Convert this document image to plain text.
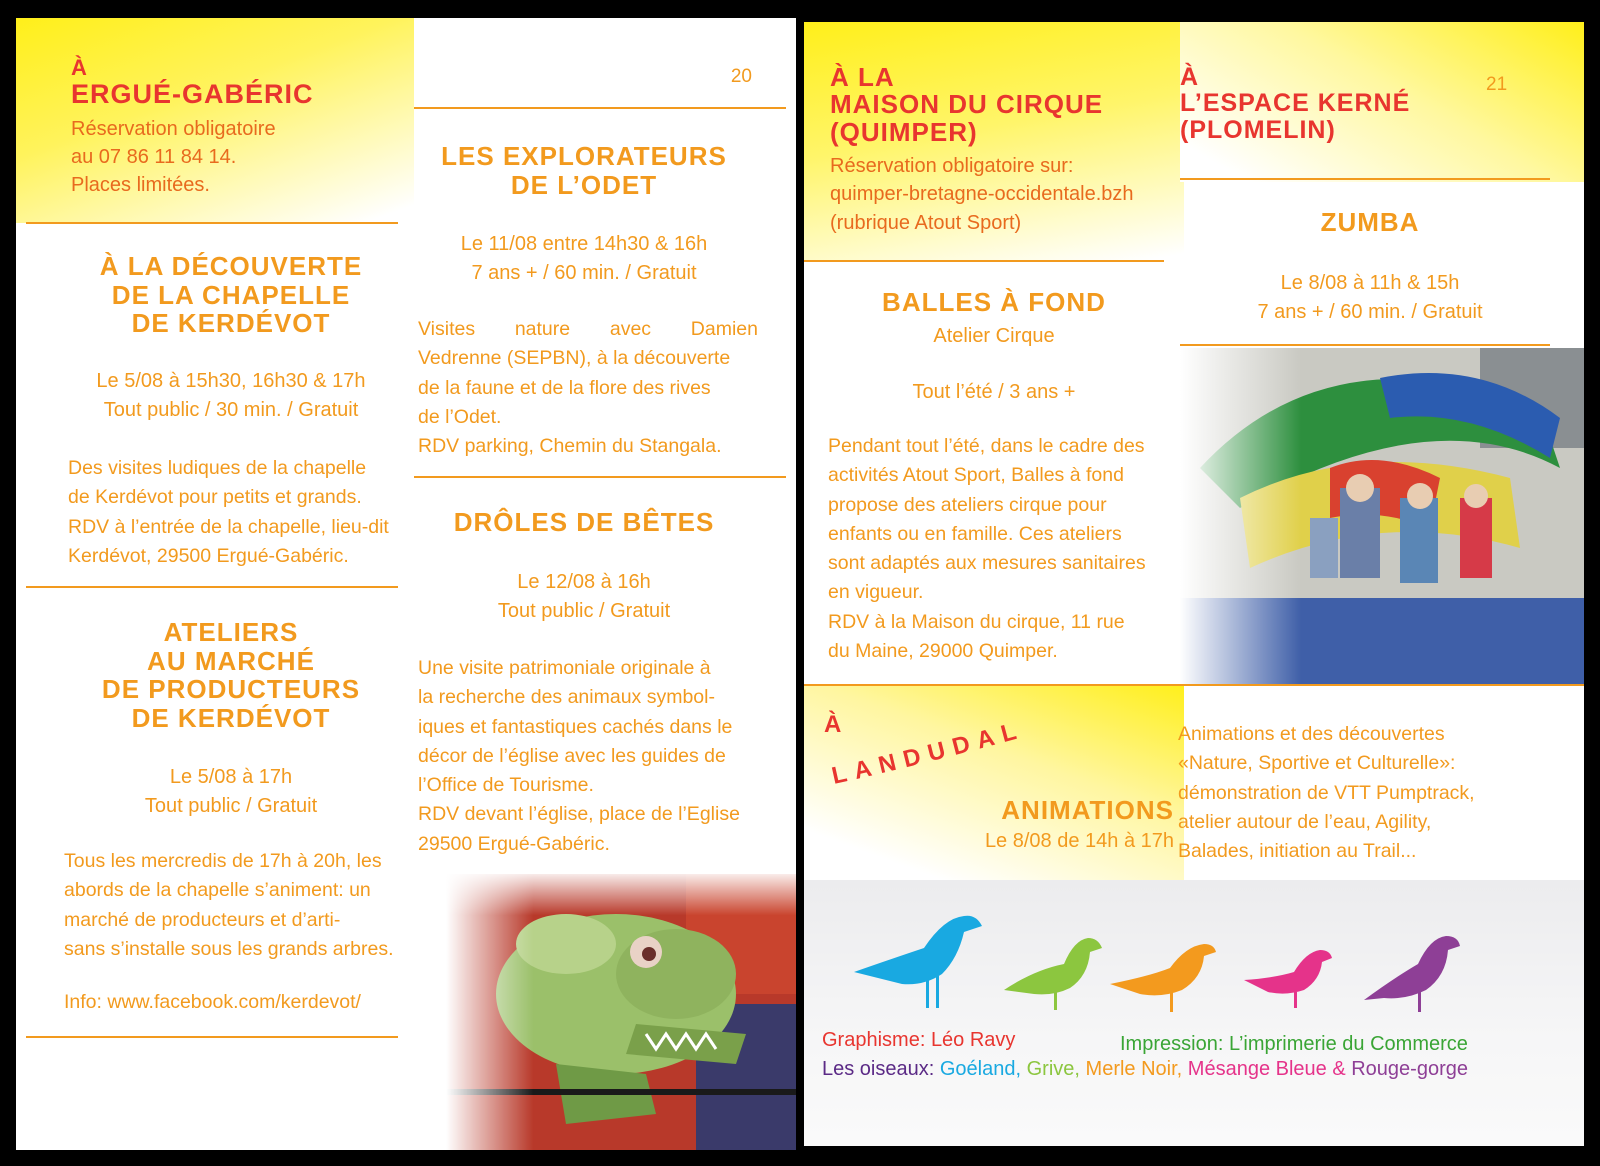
À
ERGUÉ-GABÉRIC
Réservation obligatoire
au 07 86 11 84 14.
Places limitées.
20
À LA DÉCOUVERTE
DE LA CHAPELLE
DE KERDÉVOT
Le 5/08 à 15h30, 16h30 & 17h
Tout public / 30 min. / Gratuit
Des visites ludiques de la chapelle
de Kerdévot pour petits et grands.
RDV à l’entrée de la chapelle, lieu-dit
Kerdévot, 29500 Ergué-Gabéric.
ATELIERS
AU MARCHÉ
DE PRODUCTEURS
DE KERDÉVOT
Le 5/08 à 17h
Tout public / Gratuit
Tous les mercredis de 17h à 20h, les
abords de la chapelle s’animent: un
marché de producteurs et d’arti-
sans s’installe sous les grands arbres.
Info: www.facebook.com/kerdevot/
LES EXPLORATEURS
DE L’ODET
Le 11/08 entre 14h30 & 16h
7 ans + / 60 min. / Gratuit
Visites nature avec Damien
Vedrenne (SEPBN), à la découverte
de la faune et de la flore des rives
de l’Odet.
RDV parking, Chemin du Stangala.
DRÔLES DE BÊTES
Le 12/08 à 16h
Tout public / Gratuit
Une visite patrimoniale originale à
la recherche des animaux symbol-
iques et fantastiques cachés dans le
décor de l’église avec les guides de
l’Office de Tourisme.
RDV devant l’église, place de l’Eglise
29500 Ergué-Gabéric.
À LA
MAISON DU CIRQUE
(QUIMPER)
Réservation obligatoire sur:
quimper-bretagne-occidentale.bzh
(rubrique Atout Sport)
À
L’ESPACE KERNÉ
(PLOMELIN)
21
BALLES À FOND
Atelier Cirque
Tout l’été / 3 ans +
Pendant tout l’été, dans le cadre des
activités Atout Sport, Balles à fond
propose des ateliers cirque pour
enfants ou en famille. Ces ateliers
sont adaptés aux mesures sanitaires
en vigueur.
RDV à la Maison du cirque, 11 rue
du Maine, 29000 Quimper.
ZUMBA
Le 8/08 à 11h & 15h
7 ans + / 60 min. / Gratuit
À
LANDUDAL
ANIMATIONS
Le 8/08 de 14h à 17h
Animations et des découvertes
«Nature, Sportive et Culturelle»:
démonstration de VTT Pumptrack,
atelier autour de l’eau, Agility,
Balades, initiation au Trail...
Graphisme: Léo Ravy	Impression: L’imprimerie du Commerce
Les oiseaux: Goéland, Grive, Merle Noir, Mésange Bleue & Rouge-gorge
